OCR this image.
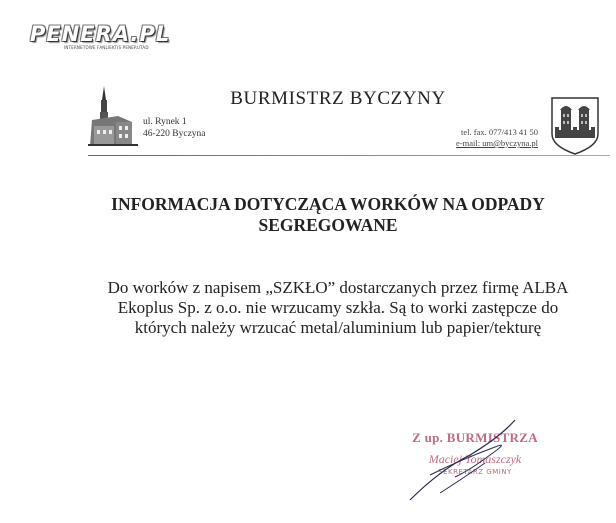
PENERA.PL
INTERNETOWE FANLIEKTIS PENERUTAD
ul. Rynek 1
46-220 Byczyna
BURMISTRZ BYCZYNY
tel. fax. 077/413 41 50
e-mail: um@byczyna.pl
INFORMACJA DOTYCZĄCA WORKÓW NA ODPADY
SEGREGOWANE
Do worków z napisem „SZKŁO” dostarczanych przez firmę ALBA
Ekoplus Sp. z o.o. nie wrzucamy szkła. Są to worki zastępcze do
których należy wrzucać metal/aluminium lub papier/tekturę
Z up. BURMISTRZA
Maciej Tomaszczyk
SEKRETARZ GMINY
